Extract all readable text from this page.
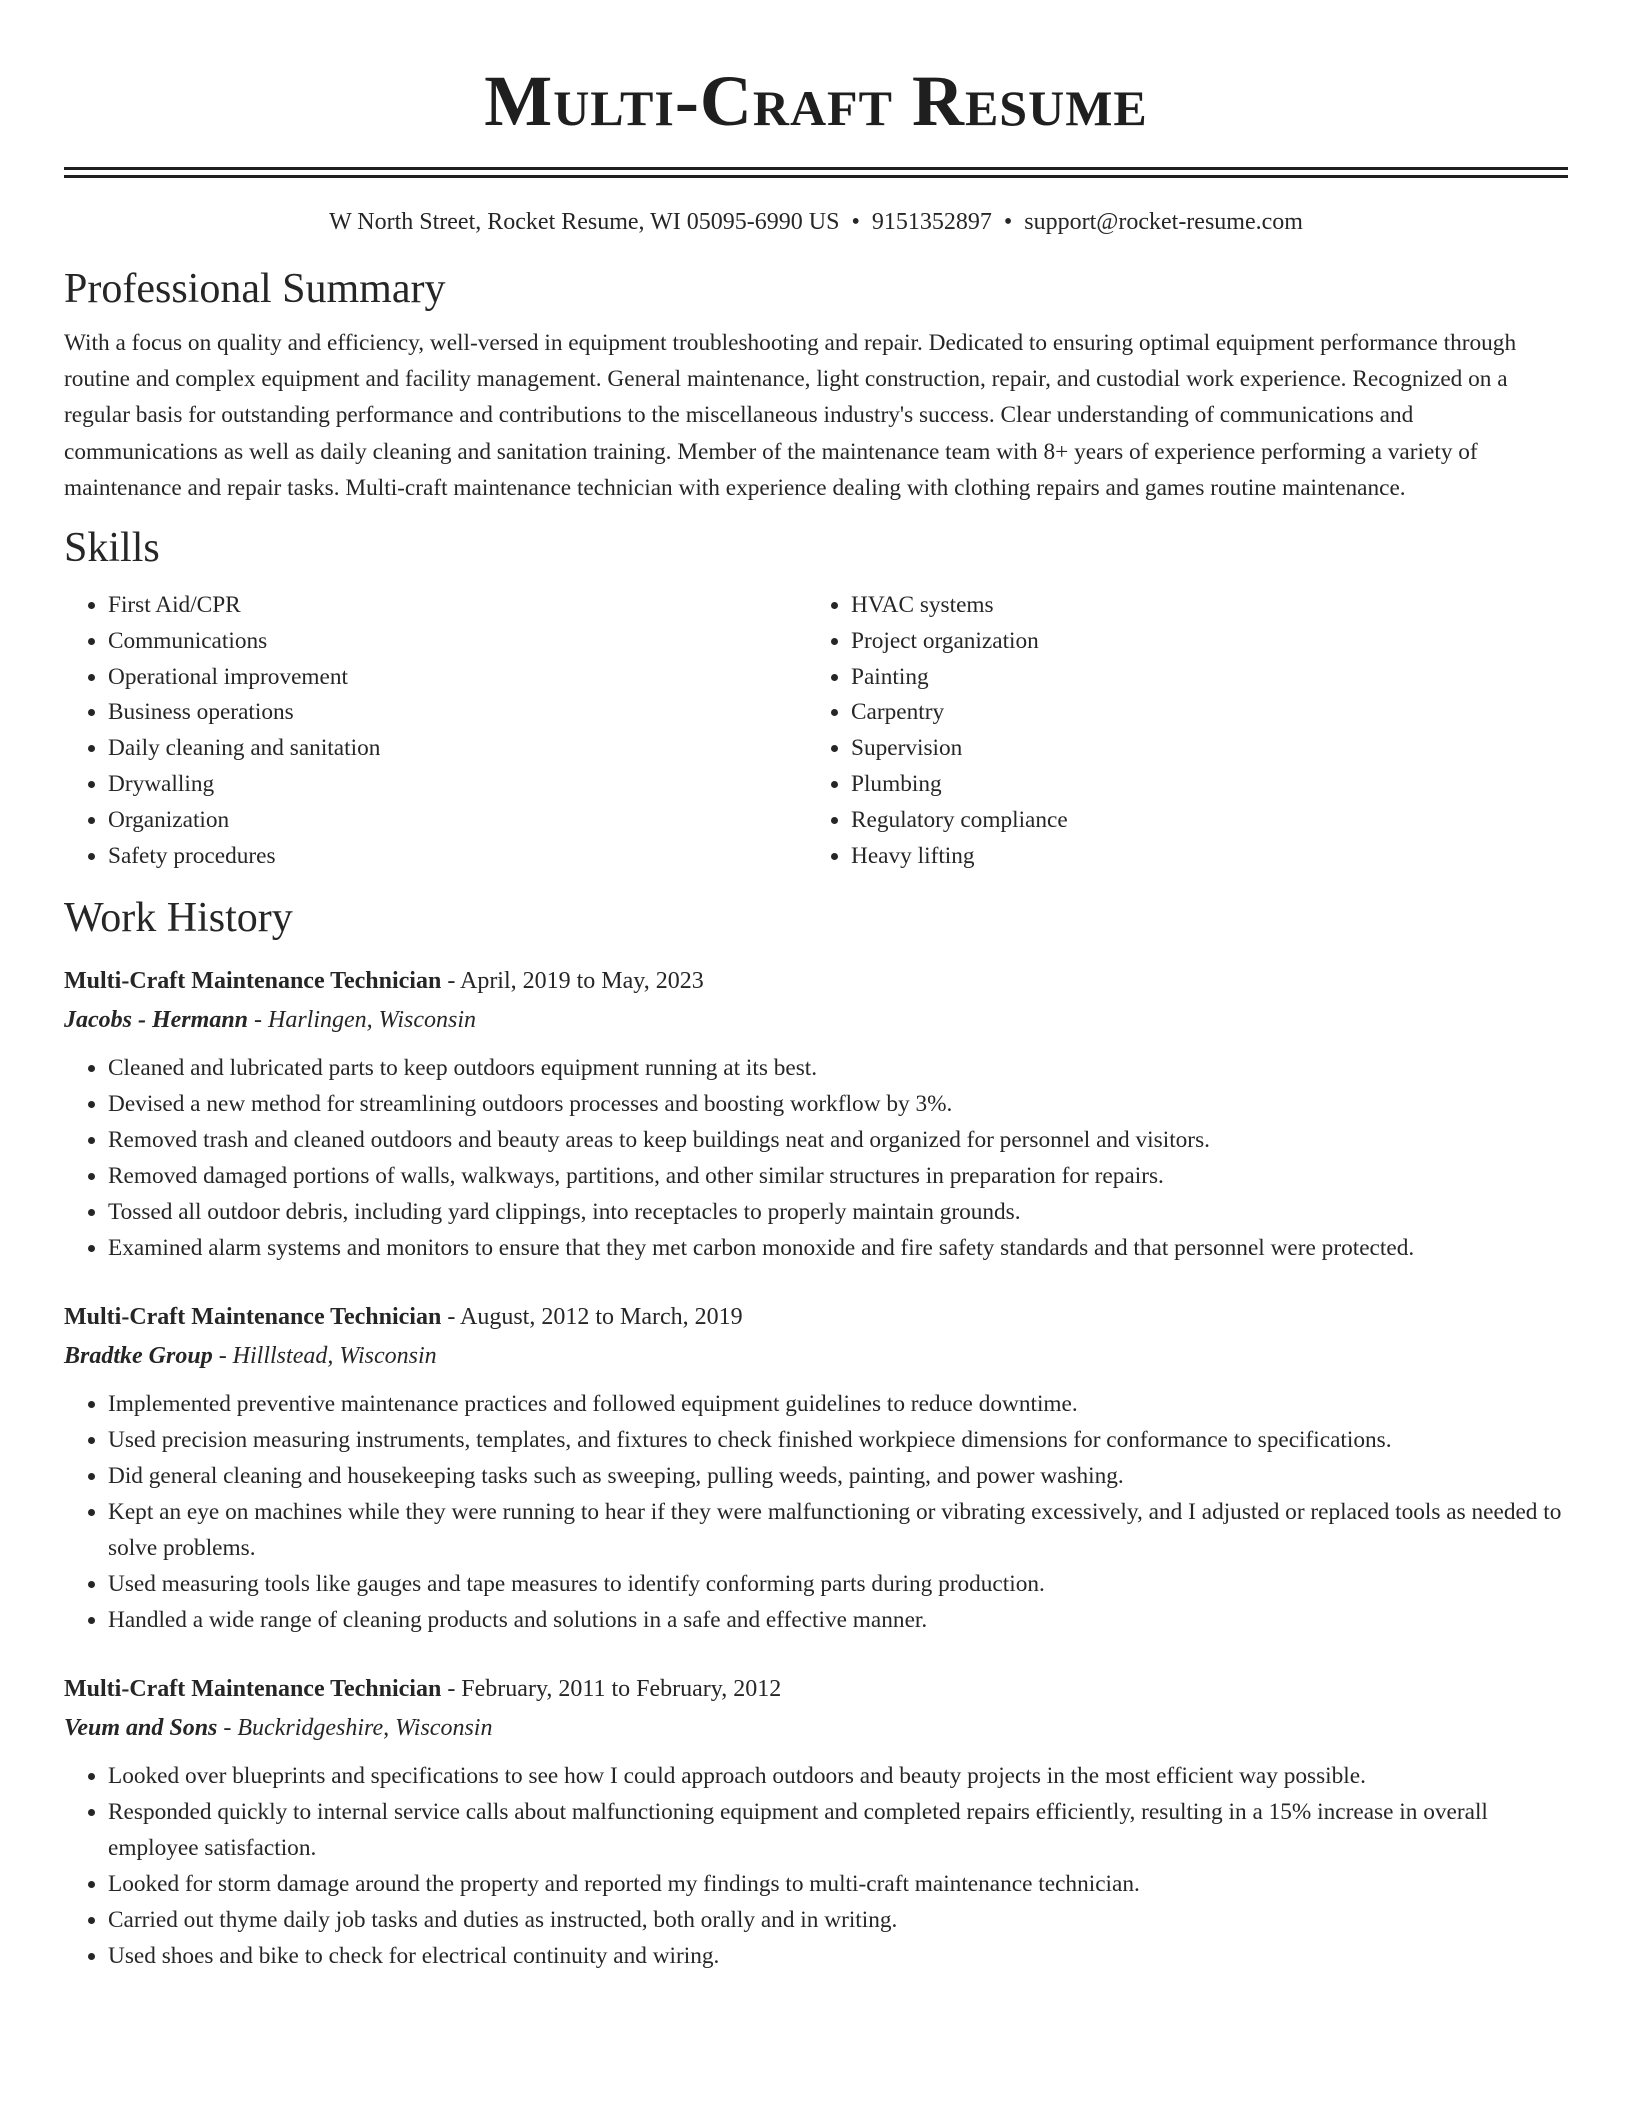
Multi-Craft Resume
W North Street, Rocket Resume, WI 05095-6990 US • 9151352897 • support@rocket-resume.com
Professional Summary

With a focus on quality and efficiency, well-versed in equipment troubleshooting and repair. Dedicated to ensuring optimal equipment performance through routine and complex equipment and facility management. General maintenance, light construction, repair, and custodial work experience. Recognized on a regular basis for outstanding performance and contributions to the miscellaneous industry's success. Clear understanding of communications and communications as well as daily cleaning and sanitation training. Member of the maintenance team with 8+ years of experience performing a variety of maintenance and repair tasks. Multi-craft maintenance technician with experience dealing with clothing repairs and games routine maintenance.

Skills
• First Aid/CPR
• Communications
• Operational improvement
• Business operations
• Daily cleaning and sanitation
• Drywalling
• Organization
• Safety procedures
• HVAC systems
• Project organization
• Painting
• Carpentry
• Supervision
• Plumbing
• Regulatory compliance
• Heavy lifting
Work History
Multi-Craft Maintenance Technician - April, 2019 to May, 2023
Jacobs - Hermann - Harlingen, Wisconsin
• Cleaned and lubricated parts to keep outdoors equipment running at its best.
• Devised a new method for streamlining outdoors processes and boosting workflow by 3%.
• Removed trash and cleaned outdoors and beauty areas to keep buildings neat and organized for personnel and visitors.
• Removed damaged portions of walls, walkways, partitions, and other similar structures in preparation for repairs.
• Tossed all outdoor debris, including yard clippings, into receptacles to properly maintain grounds.
• Examined alarm systems and monitors to ensure that they met carbon monoxide and fire safety standards and that personnel were protected.
Multi-Craft Maintenance Technician - August, 2012 to March, 2019
Bradtke Group - Hilllstead, Wisconsin
• Implemented preventive maintenance practices and followed equipment guidelines to reduce downtime.
• Used precision measuring instruments, templates, and fixtures to check finished workpiece dimensions for conformance to specifications.
• Did general cleaning and housekeeping tasks such as sweeping, pulling weeds, painting, and power washing.
• Kept an eye on machines while they were running to hear if they were malfunctioning or vibrating excessively, and I adjusted or replaced tools as needed to solve problems.
• Used measuring tools like gauges and tape measures to identify conforming parts during production.
• Handled a wide range of cleaning products and solutions in a safe and effective manner.
Multi-Craft Maintenance Technician - February, 2011 to February, 2012
Veum and Sons - Buckridgeshire, Wisconsin
• Looked over blueprints and specifications to see how I could approach outdoors and beauty projects in the most efficient way possible.
• Responded quickly to internal service calls about malfunctioning equipment and completed repairs efficiently, resulting in a 15% increase in overall employee satisfaction.
• Looked for storm damage around the property and reported my findings to multi-craft maintenance technician.
• Carried out thyme daily job tasks and duties as instructed, both orally and in writing.
• Used shoes and bike to check for electrical continuity and wiring.
